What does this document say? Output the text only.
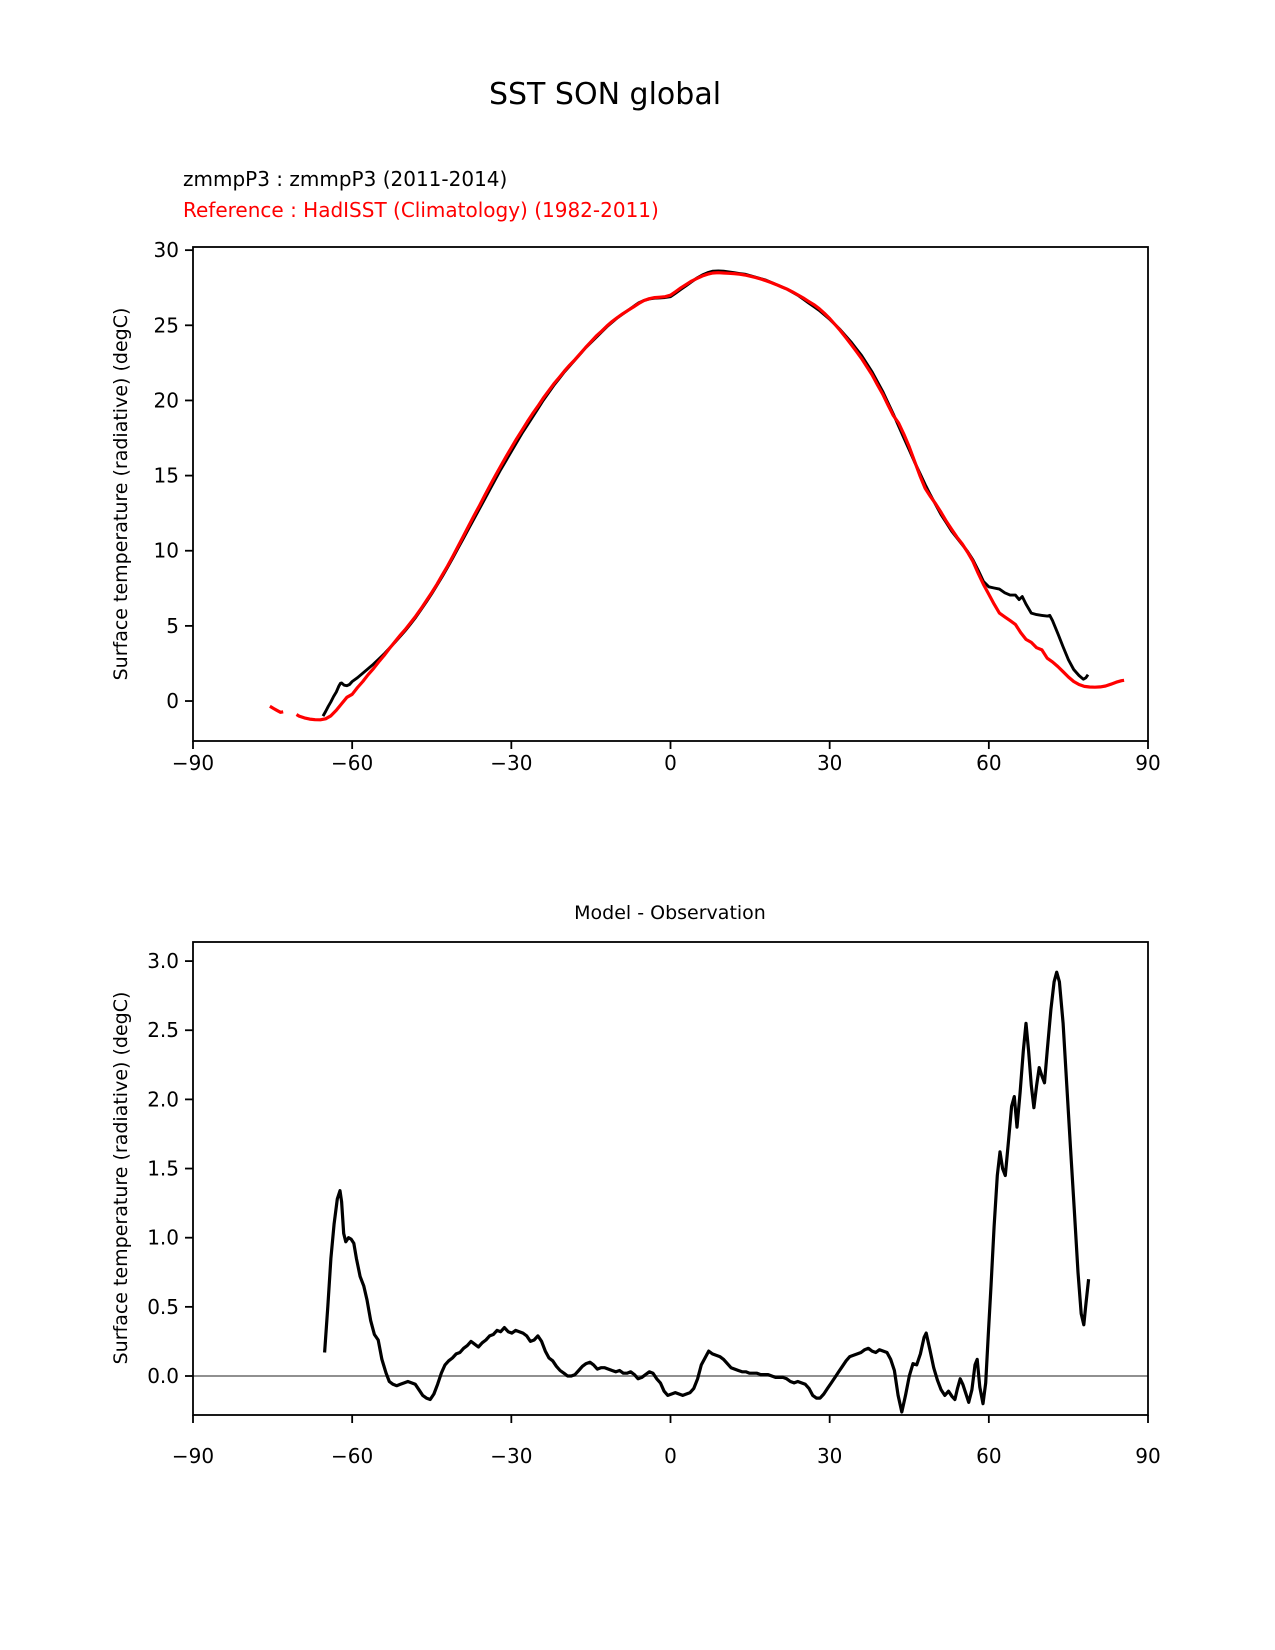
SST SON global
zmmpP3 : zmmpP3 (2011-2014)
Reference : HadISST (Climatology) (1982-2011)
Surface temperature (radiative) (degC)
Model - Observation
Surface temperature (radiative) (degC)
−90	−60	−30	0	30	60	90
0
5
10
15
20
25
30
−90	−60	−30	0	30	60	90
0.0
0.5
1.0
1.5
2.0
2.5
3.0
